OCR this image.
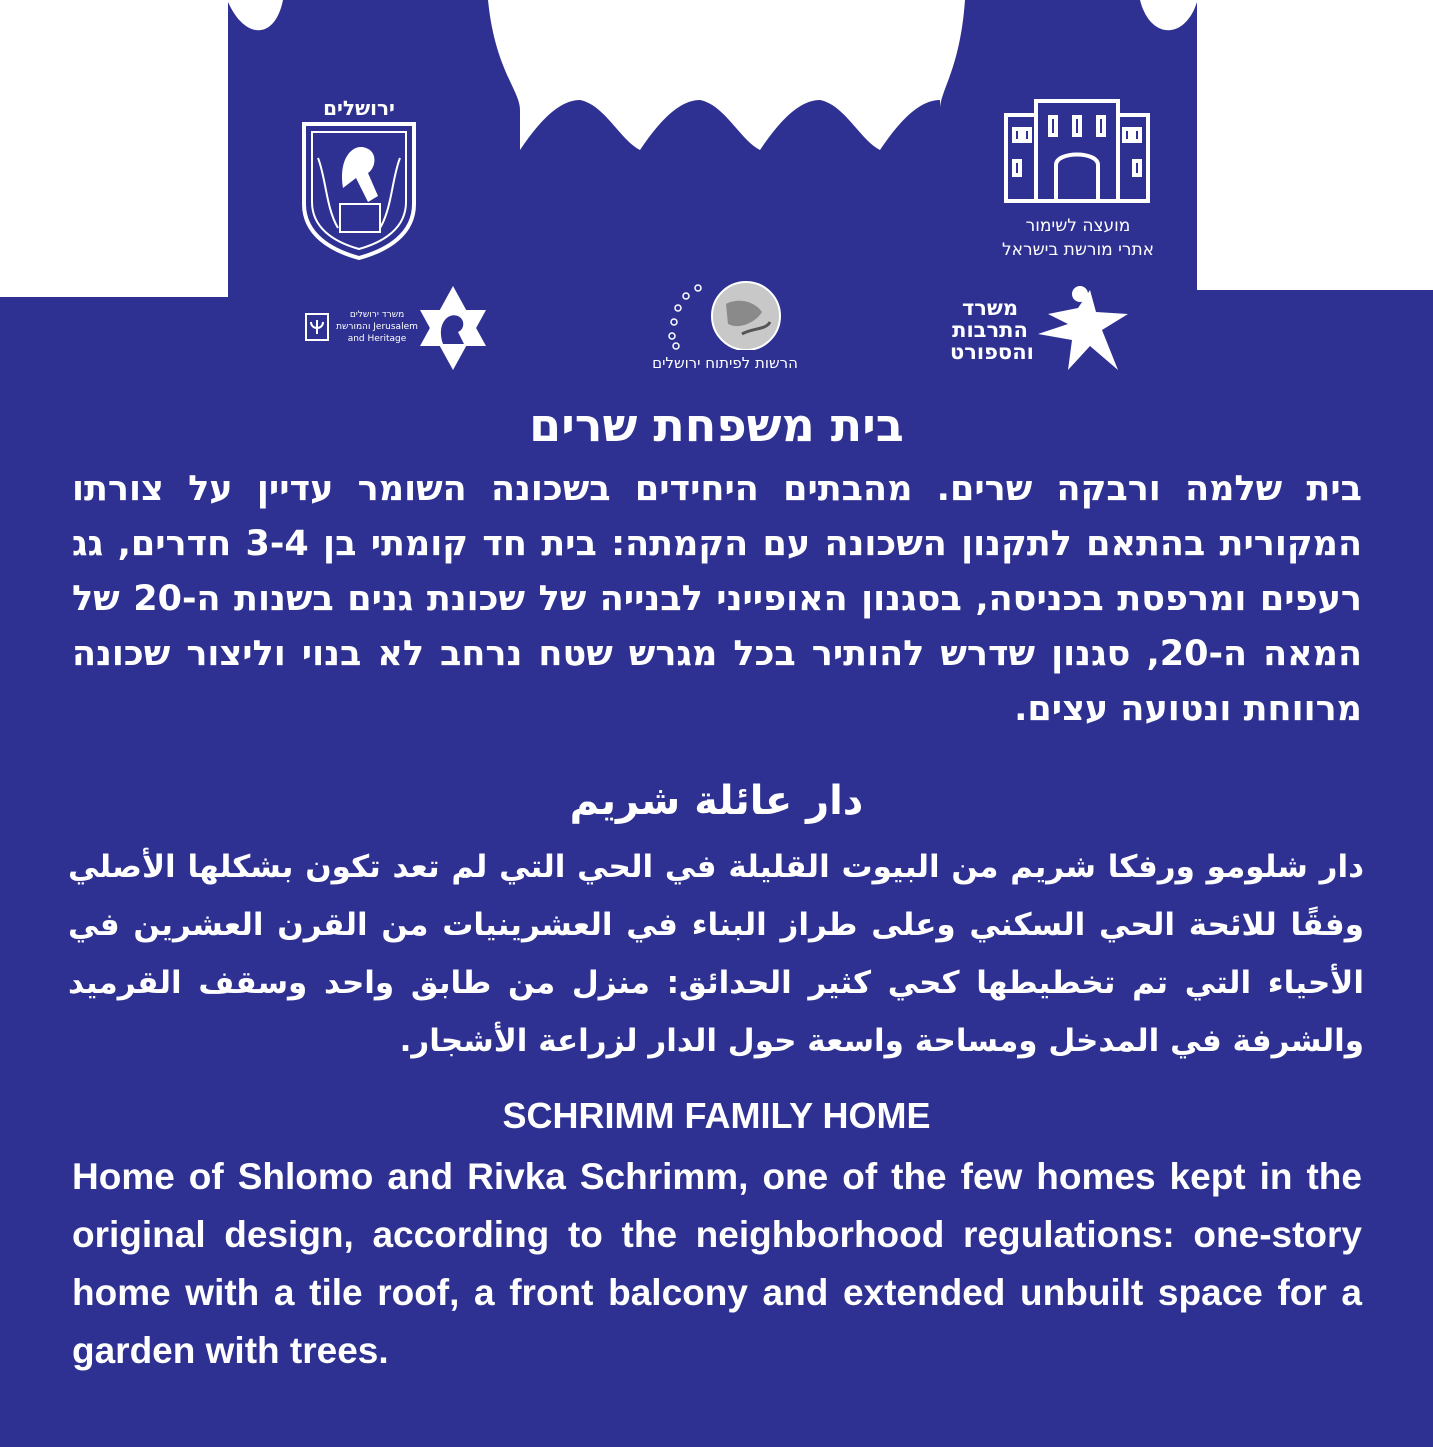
ירושלים
מועצה לשימור
אתרי מורשת בישראל
משרד ירושלים
והמורשת Jerusalem
and Heritage
הרשות לפיתוח ירושלים
משרד
התרבות
והספורט
בית משפחת שרים
בית שלמה ורבקה שרים. מהבתים היחידים בשכונה השומר עדיין על צורתו המקורית בהתאם לתקנון השכונה עם הקמתה: בית חד קומתי בן 3-4 חדרים, גג רעפים ומרפסת בכניסה, בסגנון האופייני לבנייה של שכונת גנים בשנות ה-20 של המאה ה-20, סגנון שדרש להותיר בכל מגרש שטח נרחב לא בנוי וליצור שכונה מרווחת ונטועה עצים.
دار عائلة شريم
دار شلومو ورفكا شريم من البيوت القليلة في الحي التي لم تعد تكون بشكلها الأصلي وفقًا للائحة الحي السكني وعلى طراز البناء في العشرينيات من القرن العشرين في الأحياء التي تم تخطيطها كحي كثير الحدائق: منزل من طابق واحد وسقف القرميد والشرفة في المدخل ومساحة واسعة حول الدار لزراعة الأشجار.
SCHRIMM FAMILY HOME
Home of Shlomo and Rivka Schrimm, one of the few homes kept in the original design, according to the neighborhood regulations: one-story home with a tile roof, a front balcony and extended unbuilt space for a garden with trees.
